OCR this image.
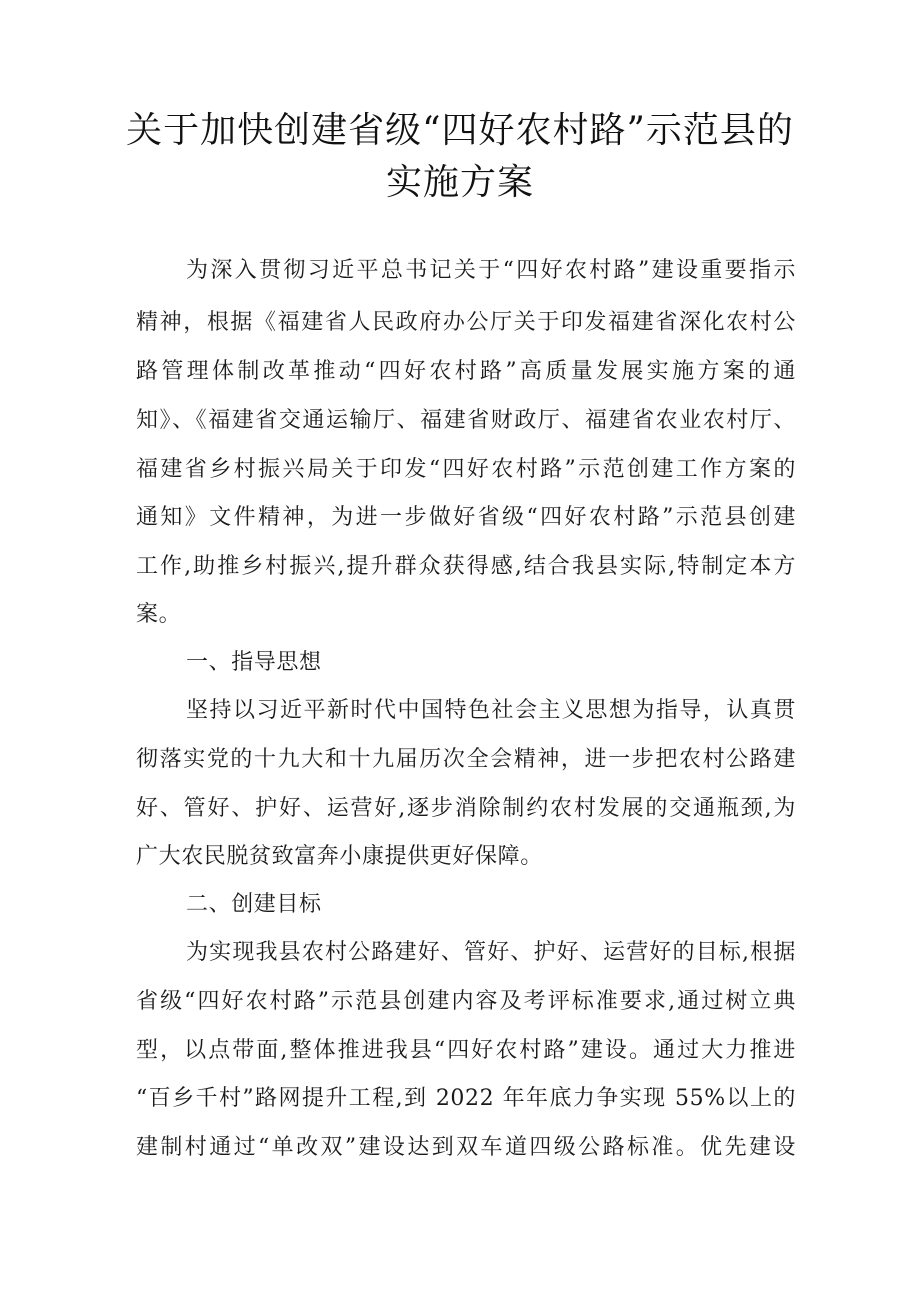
关于加快创建省级“四好农村路”示范县的
实施方案
为深入贯彻习近平总书记关于“四好农村路”建设重要指示
精神，根据《福建省人民政府办公厅关于印发福建省深化农村公
路管理体制改革推动“四好农村路”高质量发展实施方案的通
知》、《福建省交通运输厅、福建省财政厅、福建省农业农村厅、
福建省乡村振兴局关于印发“四好农村路”示范创建工作方案的
通知》文件精神，为进一步做好省级“四好农村路”示范县创建
工作,助推乡村振兴,提升群众获得感,结合我县实际,特制定本方
案。
一、指导思想
坚持以习近平新时代中国特色社会主义思想为指导，认真贯
彻落实党的十九大和十九届历次全会精神，进一步把农村公路建
好、管好、护好、运营好,逐步消除制约农村发展的交通瓶颈,为
广大农民脱贫致富奔小康提供更好保障。
二、创建目标
为实现我县农村公路建好、管好、护好、运营好的目标,根据
省级“四好农村路”示范县创建内容及考评标准要求,通过树立典
型，以点带面,整体推进我县“四好农村路”建设。通过大力推进
“百乡千村”路网提升工程,到 2022 年年底力争实现 55%以上的
建制村通过“单改双”建设达到双车道四级公路标准。优先建设
